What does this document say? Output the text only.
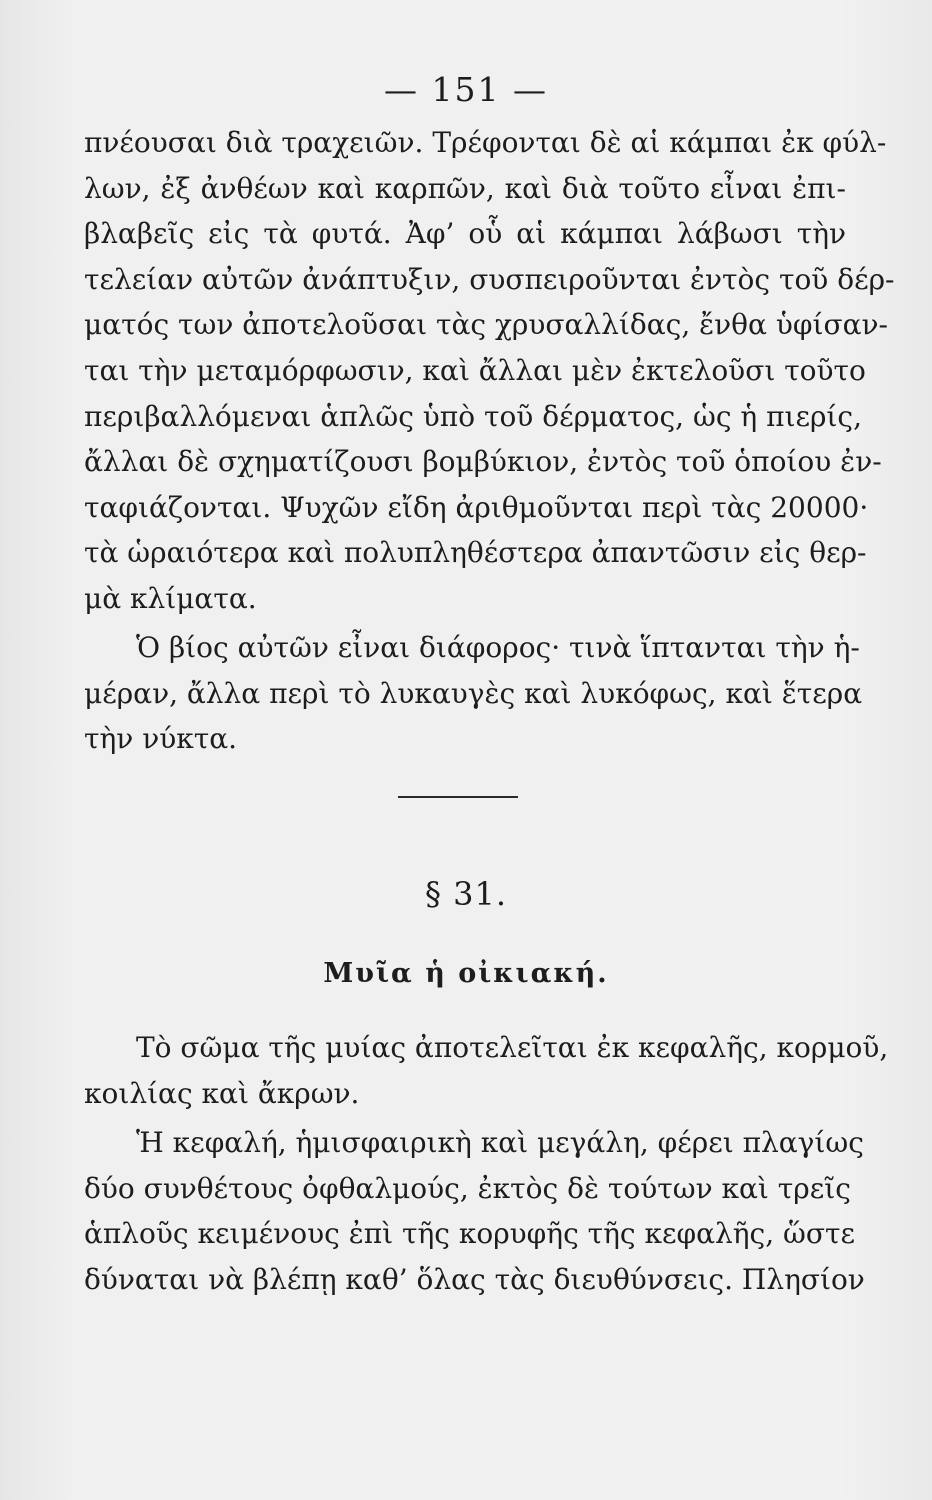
— 151 —
πνέουσαι διὰ τραχειῶν. Τρέφονται δὲ αἱ κάμπαι ἐκ φύλ-
λων, ἐξ ἀνθέων καὶ καρπῶν, καὶ διὰ τοῦτο εἶναι ἐπι-
βλαβεῖς εἰς τὰ φυτά. Ἀφ’ οὗ αἱ κάμπαι λάβωσι τὴν
τελείαν αὐτῶν ἀνάπτυξιν, συσπειροῦνται ἐντὸς τοῦ δέρ-
ματός των ἀποτελοῦσαι τὰς χρυσαλλίδας, ἔνθα ὑφίσαν-
ται τὴν μεταμόρφωσιν, καὶ ἄλλαι μὲν ἐκτελοῦσι τοῦτο
περιβαλλόμεναι ἁπλῶς ὑπὸ τοῦ δέρματος, ὡς ἡ πιερίς,
ἄλλαι δὲ σχηματίζουσι βομβύκιον, ἐντὸς τοῦ ὁποίου ἐν-
ταφιάζονται. Ψυχῶν εἴδη ἀριθμοῦνται περὶ τὰς 20000·
τὰ ὡραιότερα καὶ πολυπληθέστερα ἀπαντῶσιν εἰς θερ-
μὰ κλίματα.
Ὁ βίος αὐτῶν εἶναι διάφορος· τινὰ ἵπτανται τὴν ἡ-
μέραν, ἄλλα περὶ τὸ λυκαυγὲς καὶ λυκόφως, καὶ ἕτερα
τὴν νύκτα.
§ 31.
Μυῖα ἡ οἰκιακή.
Τὸ σῶμα τῆς μυίας ἀποτελεῖται ἐκ κεφαλῆς, κορμοῦ,
κοιλίας καὶ ἄκρων.
Ἡ κεφαλή, ἡμισφαιρικὴ καὶ μεγάλη, φέρει πλαγίως
δύο συνθέτους ὀφθαλμούς, ἐκτὸς δὲ τούτων καὶ τρεῖς
ἁπλοῦς κειμένους ἐπὶ τῆς κορυφῆς τῆς κεφαλῆς, ὥστε
δύναται νὰ βλέπῃ καθ’ ὅλας τὰς διευθύνσεις. Πλησίον
